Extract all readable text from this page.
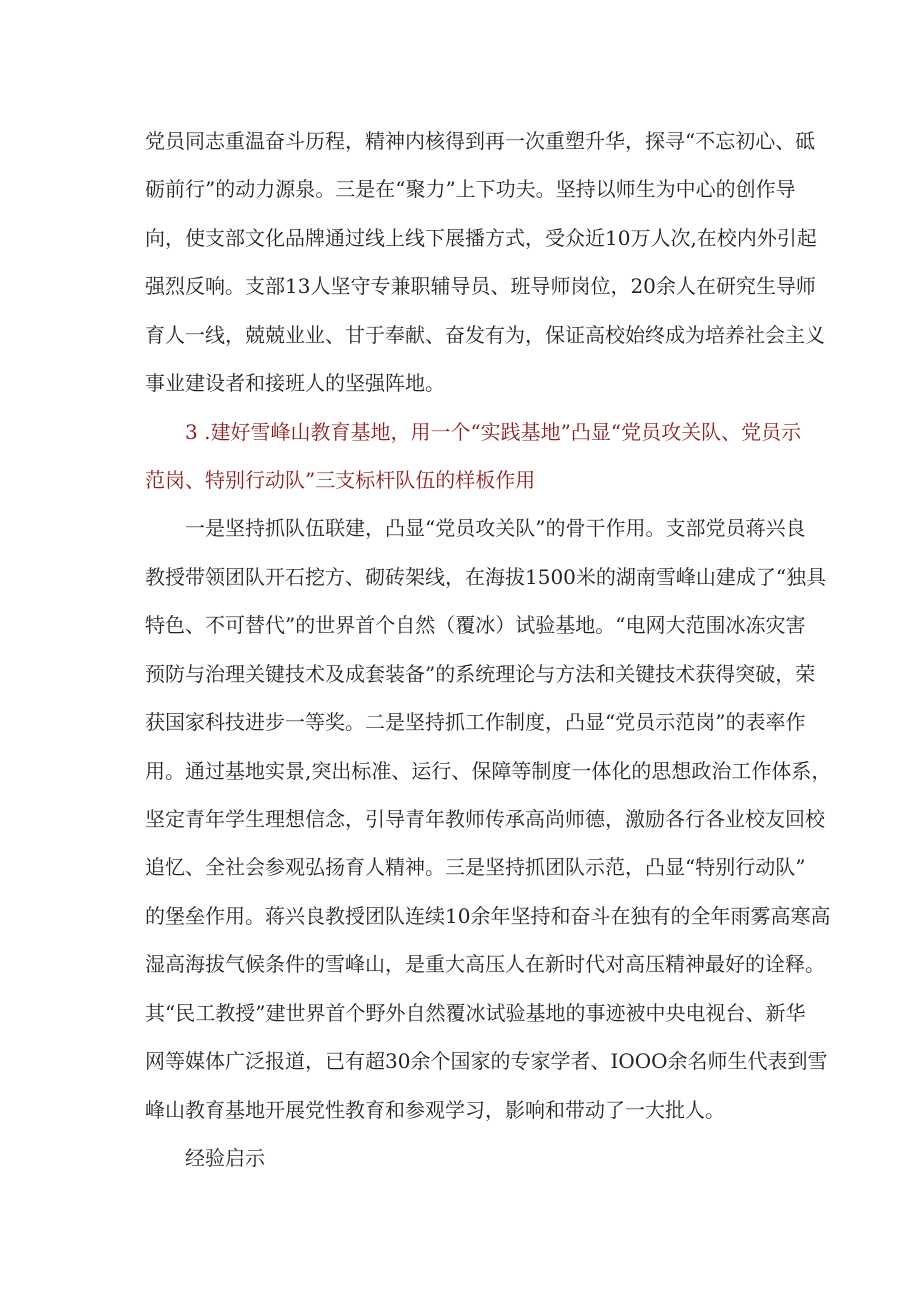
党员同志重温奋斗历程，精神内核得到再一次重塑升华，探寻“不忘初心、砥
砺前行”的动力源泉。三是在“聚力”上下功夫。坚持以师生为中心的创作导
向，使支部文化品牌通过线上线下展播方式，受众近10万人次,在校内外引起
强烈反响。支部13人坚守专兼职辅导员、班导师岗位，20余人在研究生导师
育人一线，兢兢业业、甘于奉献、奋发有为，保证高校始终成为培养社会主义
事业建设者和接班人的坚强阵地。
3 .建好雪峰山教育基地，用一个“实践基地”凸显“党员攻关队、党员示
范岗、特别行动队”三支标杆队伍的样板作用
一是坚持抓队伍联建，凸显“党员攻关队”的骨干作用。支部党员蒋兴良
教授带领团队开石挖方、砌砖架线，在海拔1500米的湖南雪峰山建成了“独具
特色、不可替代”的世界首个自然（覆冰）试验基地。“电网大范围冰冻灾害
预防与治理关键技术及成套装备”的系统理论与方法和关键技术获得突破，荣
获国家科技进步一等奖。二是坚持抓工作制度，凸显“党员示范岗”的表率作
用。通过基地实景,突出标准、运行、保障等制度一体化的思想政治工作体系，
坚定青年学生理想信念，引导青年教师传承高尚师德，激励各行各业校友回校
追忆、全社会参观弘扬育人精神。三是坚持抓团队示范，凸显“特别行动队”
的堡垒作用。蒋兴良教授团队连续10余年坚持和奋斗在独有的全年雨雾高寒高
湿高海拔气候条件的雪峰山，是重大高压人在新时代对高压精神最好的诠释。
其“民工教授”建世界首个野外自然覆冰试验基地的事迹被中央电视台、新华
网等媒体广泛报道，已有超30余个国家的专家学者、IOOO余名师生代表到雪
峰山教育基地开展党性教育和参观学习，影响和带动了一大批人。
经验启示
